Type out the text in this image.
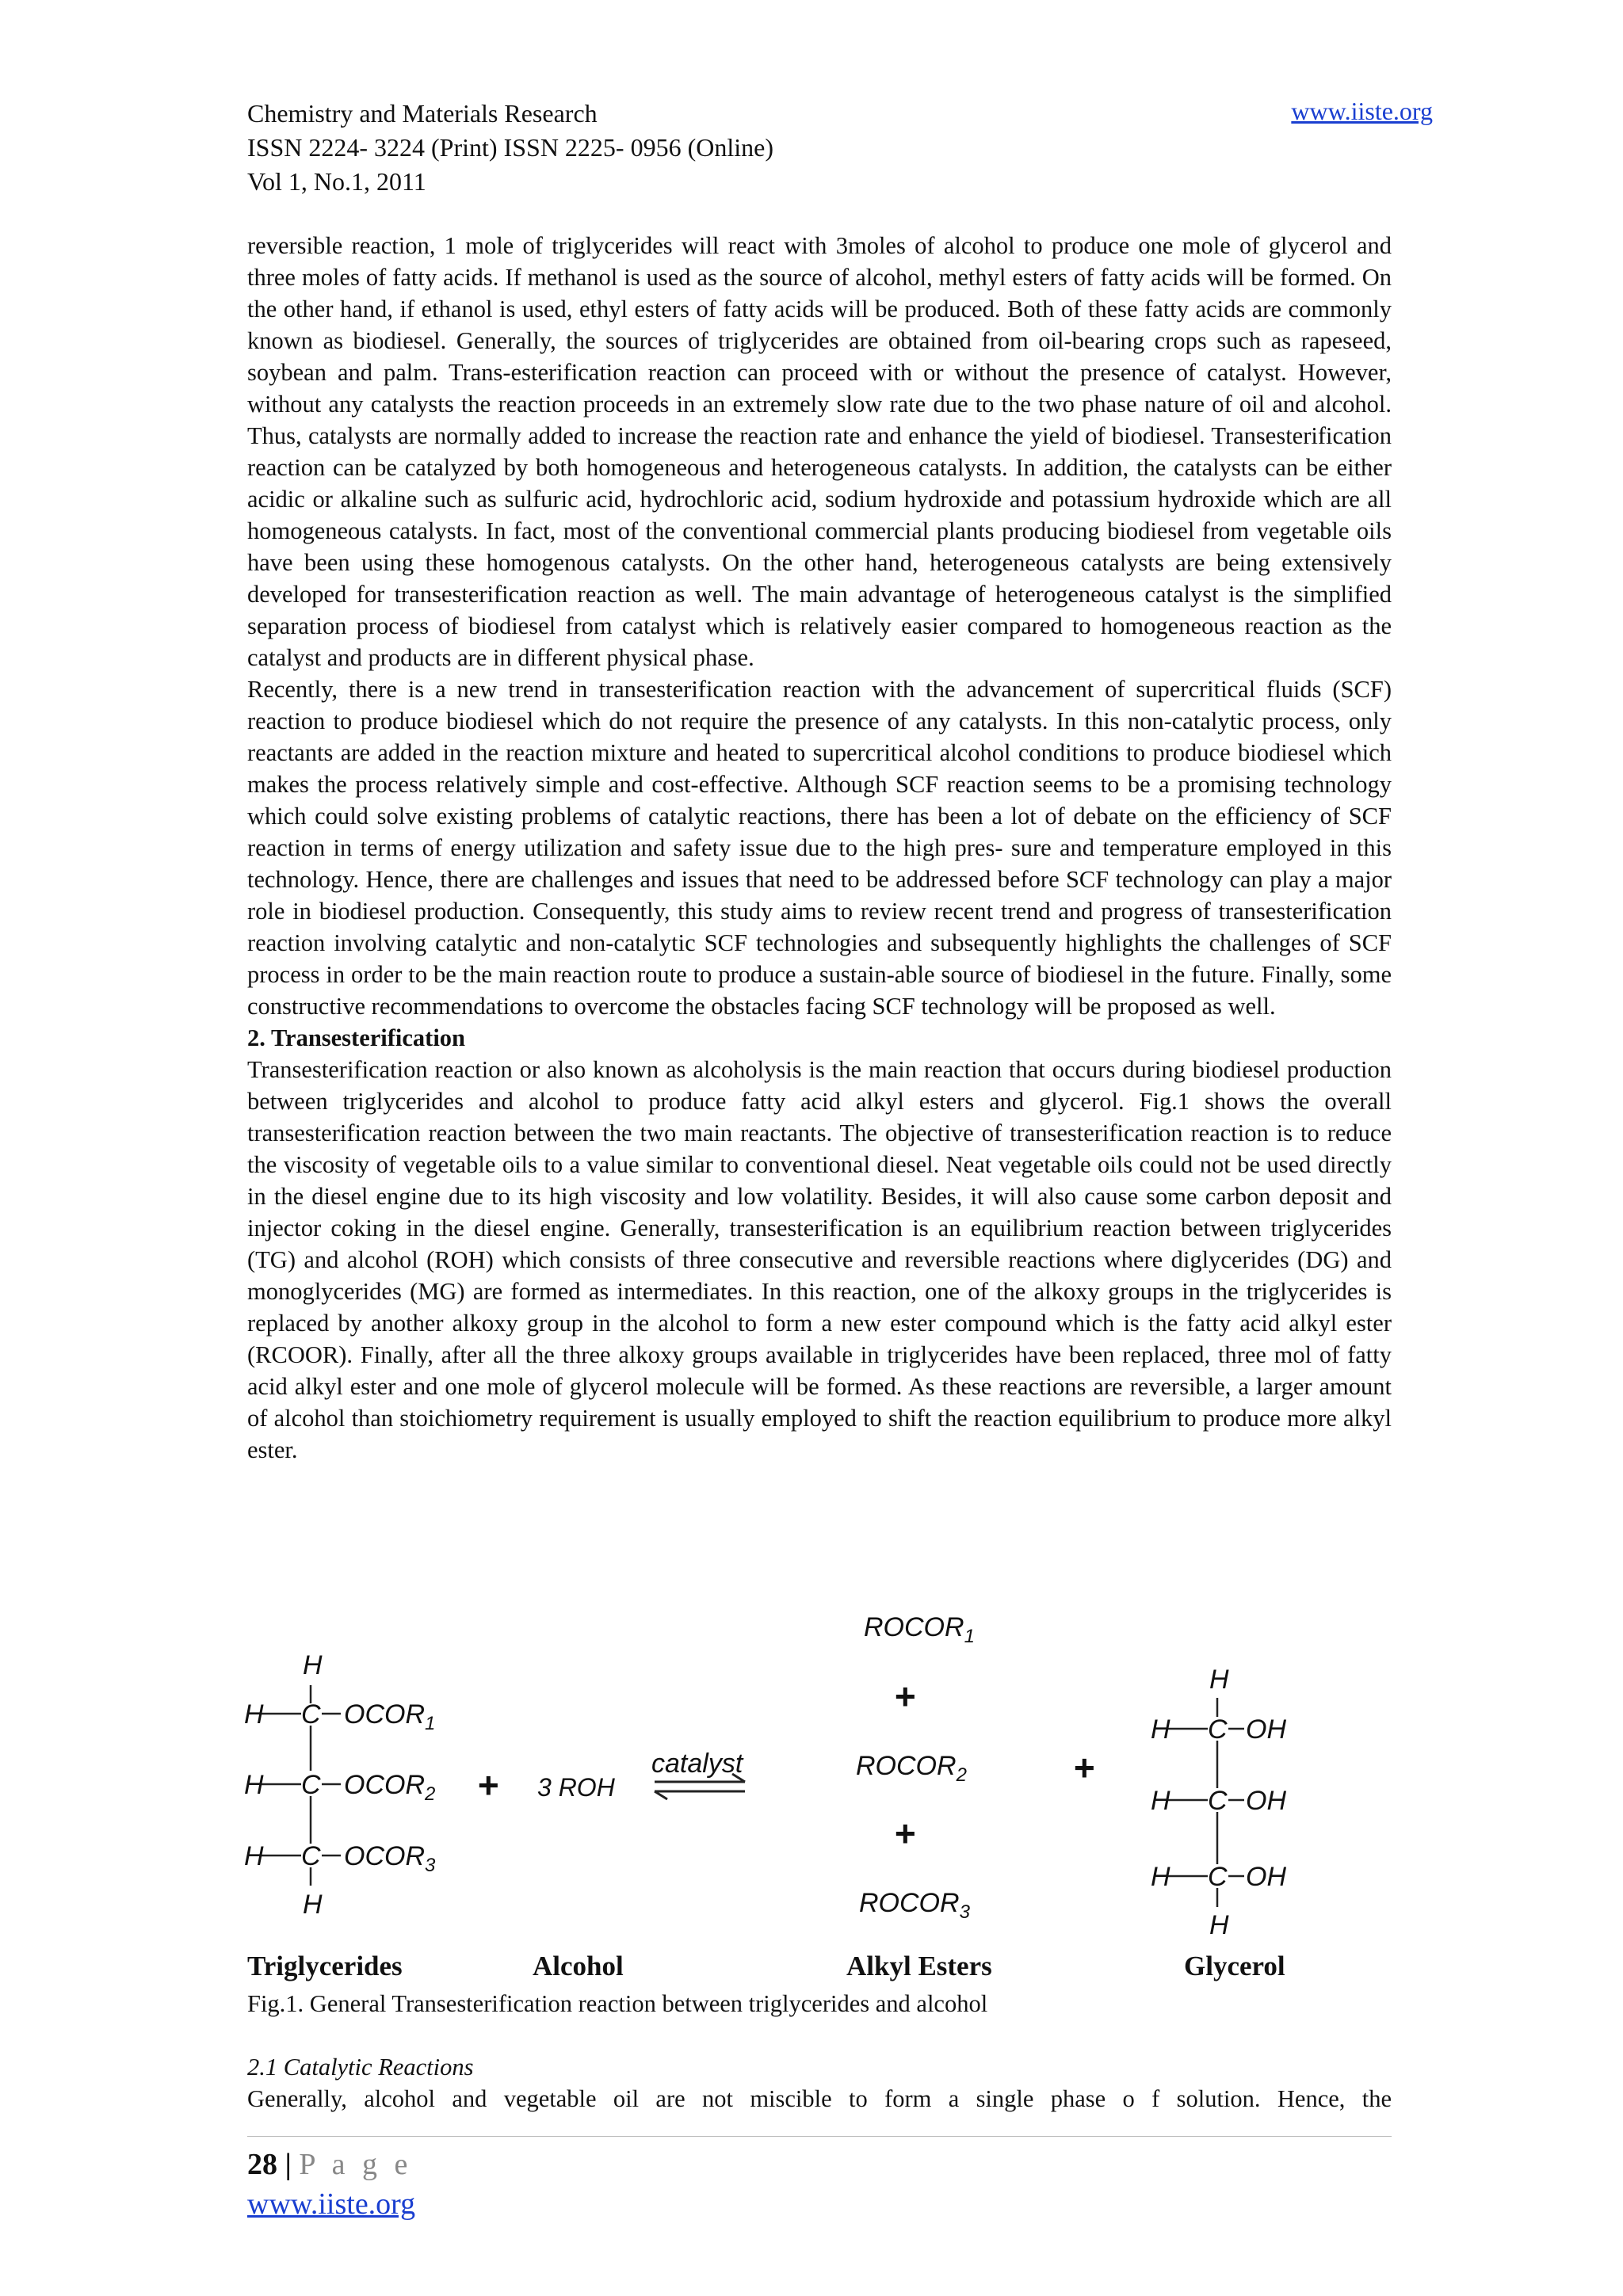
Chemistry and Materials Research
ISSN 2224- 3224 (Print) ISSN 2225- 0956 (Online)
Vol 1, No.1, 2011
www.iiste.org
reversible reaction, 1 mole of triglycerides will react with 3moles of alcohol to produce one mole of glycerol and three moles of fatty acids. If methanol is used as the source of alcohol, methyl esters of fatty acids will be formed. On the other hand, if ethanol is used, ethyl esters of fatty acids will be produced. Both of these fatty acids are commonly known as biodiesel. Generally, the sources of triglycerides are obtained from oil-bearing crops such as rapeseed, soybean and palm. Trans-esterification reaction can proceed with or without the presence of catalyst. However, without any catalysts the reaction proceeds in an extremely slow rate due to the two phase nature of oil and alcohol. Thus, catalysts are normally added to increase the reaction rate and enhance the yield of biodiesel. Transesterification reaction can be catalyzed by both homogeneous and heterogeneous catalysts. In addition, the catalysts can be either acidic or alkaline such as sulfuric acid, hydrochloric acid, sodium hydroxide and potassium hydroxide which are all homogeneous catalysts. In fact, most of the conventional commercial plants producing biodiesel from vegetable oils have been using these homogenous catalysts. On the other hand, heterogeneous catalysts are being extensively developed for transesterification reaction as well. The main advantage of heterogeneous catalyst is the simplified separation process of biodiesel from catalyst which is relatively easier compared to homogeneous reaction as the catalyst and products are in different physical phase.
Recently, there is a new trend in transesterification reaction with the advancement of supercritical fluids (SCF) reaction to produce biodiesel which do not require the presence of any catalysts. In this non-catalytic process, only reactants are added in the reaction mixture and heated to supercritical alcohol conditions to produce biodiesel which makes the process relatively simple and cost-effective. Although SCF reaction seems to be a promising technology which could solve existing problems of catalytic reactions, there has been a lot of debate on the efficiency of SCF reaction in terms of energy utilization and safety issue due to the high pres- sure and temperature employed in this technology. Hence, there are challenges and issues that need to be addressed before SCF technology can play a major role in biodiesel production. Consequently, this study aims to review recent trend and progress of transesterification reaction involving catalytic and non-catalytic SCF technologies and subsequently highlights the challenges of SCF process in order to be the main reaction route to produce a sustain-able source of biodiesel in the future. Finally, some constructive recommendations to overcome the obstacles facing SCF technology will be proposed as well.
2. Transesterification
Transesterification reaction or also known as alcoholysis is the main reaction that occurs during biodiesel production between triglycerides and alcohol to produce fatty acid alkyl esters and glycerol. Fig.1 shows the overall transesterification reaction between the two main reactants. The objective of transesterification reaction is to reduce the viscosity of vegetable oils to a value similar to conventional diesel. Neat vegetable oils could not be used directly in the diesel engine due to its high viscosity and low volatility. Besides, it will also cause some carbon deposit and injector coking in the diesel engine. Generally, transesterification is an equilibrium reaction between triglycerides (TG) and alcohol (ROH) which consists of three consecutive and reversible reactions where diglycerides (DG) and monoglycerides (MG) are formed as intermediates. In this reaction, one of the alkoxy groups in the triglycerides is replaced by another alkoxy group in the alcohol to form a new ester compound which is the fatty acid alkyl ester (RCOOR). Finally, after all the three alkoxy groups available in triglycerides have been replaced, three mol of fatty acid alkyl ester and one mole of glycerol molecule will be formed. As these reactions are reversible, a larger amount of alcohol than stoichiometry requirement is usually employed to shift the reaction equilibrium to produce more alkyl ester.
H
H C $OCOR_1$
H C $OCOR_2$
H C $OCOR_3$
H
+ 3 ROH
catalyst
$ROCOR_1$
+
$ROCOR_2$
+
$ROCOR_3$
+
H
H C OH
H C OH
H C OH
H
Triglycerides	Alcohol	Alkyl Esters	Glycerol
Fig.1. General Transesterification reaction between triglycerides and alcohol
2.1 Catalytic Reactions
Generally, alcohol and vegetable oil are not miscible to form a single phase o f solution. Hence, the
28 | P a g e
www.iiste.org
